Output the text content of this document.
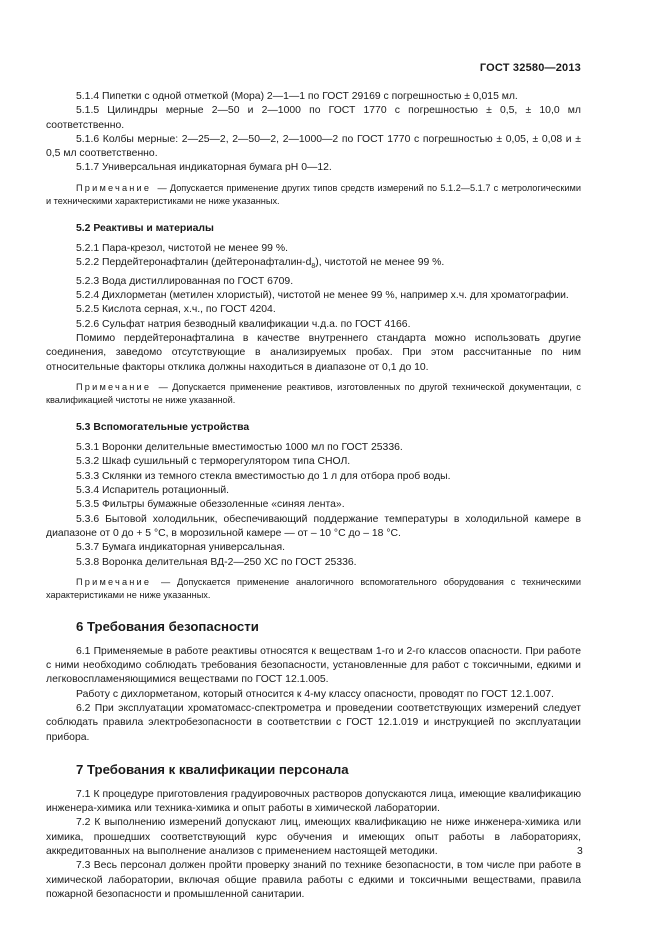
ГОСТ 32580—2013

5.1.4 Пипетки с одной отметкой (Мора) 2—1—1 по ГОСТ 29169 с погрешностью ± 0,015 мл.

5.1.5 Цилиндры мерные 2—50 и 2—1000 по ГОСТ 1770 с погрешностью ± 0,5, ± 10,0 мл соответственно.

5.1.6 Колбы мерные: 2—25—2, 2—50—2, 2—1000—2 по ГОСТ 1770 с погрешностью ± 0,05, ± 0,08 и ± 0,5 мл соответственно.

5.1.7 Универсальная индикаторная бумага рН 0—12.

Примечание — Допускается применение других типов средств измерений по 5.1.2—5.1.7 с метрологическими и техническими характеристиками не ниже указанных.

5.2 Реактивы и материалы

5.2.1 Пара-крезол, чистотой не менее 99 %.

5.2.2 Пердейтеронафталин $(дейтеронафталин-d_8)$, чистотой не менее 99 %.

5.2.3 Вода дистиллированная по ГОСТ 6709.

5.2.4 Дихлорметан (метилен хлористый), чистотой не менее 99 %, например х.ч. для хроматографии.

5.2.5 Кислота серная, х.ч., по ГОСТ 4204.

5.2.6 Сульфат натрия безводный квалификации ч.д.а. по ГОСТ 4166.

Помимо пердейтеронафталина в качестве внутреннего стандарта можно использовать другие соединения, заведомо отсутствующие в анализируемых пробах. При этом рассчитанные по ним относительные факторы отклика должны находиться в диапазоне от 0,1 до 10.

Примечание — Допускается применение реактивов, изготовленных по другой технической документации, с квалификацией чистоты не ниже указанной.

5.3 Вспомогательные устройства

5.3.1 Воронки делительные вместимостью 1000 мл по ГОСТ 25336.

5.3.2 Шкаф сушильный с терморегулятором типа СНОЛ.

5.3.3 Склянки из темного стекла вместимостью до 1 л для отбора проб воды.

5.3.4 Испаритель ротационный.

5.3.5 Фильтры бумажные обеззоленные «синяя лента».

5.3.6 Бытовой холодильник, обеспечивающий поддержание температуры в холодильной камере в диапазоне от 0 до + 5 °С, в морозильной камере — от – 10 °С до – 18 °С.

5.3.7 Бумага индикаторная универсальная.

5.3.8 Воронка делительная ВД-2—250 ХС по ГОСТ 25336.

Примечание — Допускается применение аналогичного вспомогательного оборудования с техническими характеристиками не ниже указанных.

6 Требования безопасности

6.1 Применяемые в работе реактивы относятся к веществам 1-го и 2-го классов опасности. При работе с ними необходимо соблюдать требования безопасности, установленные для работ с токсичными, едкими и легковоспламеняющимися веществами по ГОСТ 12.1.005.

Работу с дихлорметаном, который относится к 4-му классу опасности, проводят по ГОСТ 12.1.007.

6.2 При эксплуатации хроматомасс-спектрометра и проведении соответствующих измерений следует соблюдать правила электробезопасности в соответствии с ГОСТ 12.1.019 и инструкцией по эксплуатации прибора.

7 Требования к квалификации персонала

7.1 К процедуре приготовления градуировочных растворов допускаются лица, имеющие квалификацию инженера-химика или техника-химика и опыт работы в химической лаборатории.

7.2 К выполнению измерений допускают лиц, имеющих квалификацию не ниже инженера-химика или химика, прошедших соответствующий курс обучения и имеющих опыт работы в лабораториях, аккредитованных на выполнение анализов с применением настоящей методики.

7.3 Весь персонал должен пройти проверку знаний по технике безопасности, в том числе при работе в химической лаборатории, включая общие правила работы с едкими и токсичными веществами, правила пожарной безопасности и промышленной санитарии.

3
